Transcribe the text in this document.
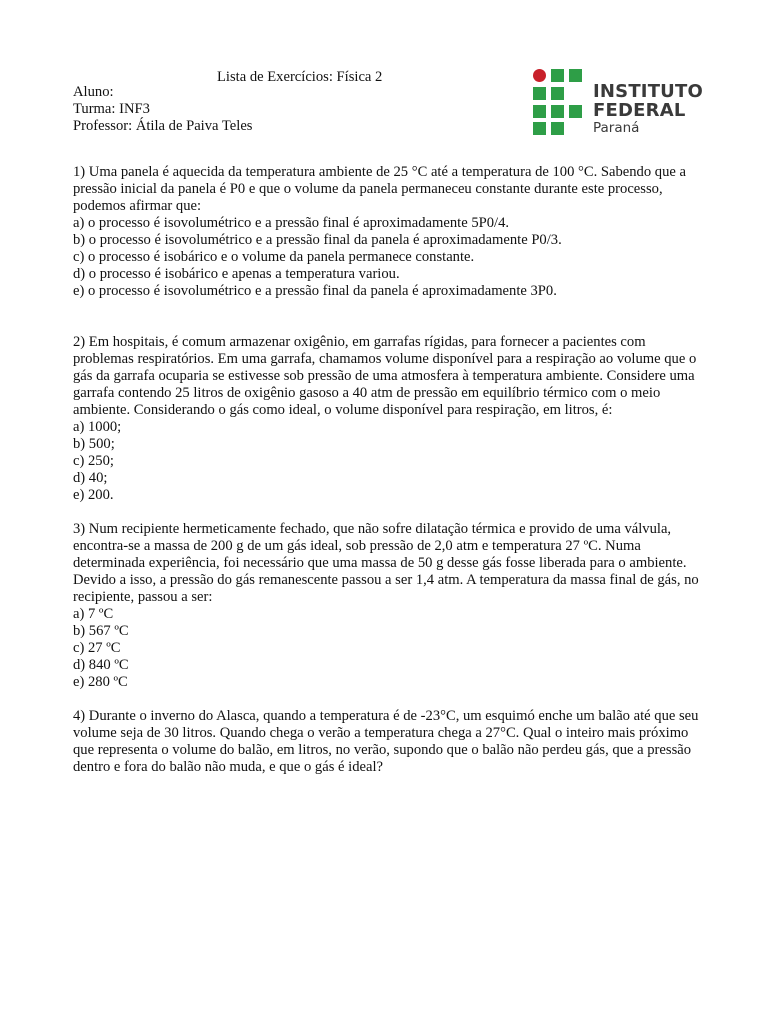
Lista de Exercícios: Física 2
Aluno:
Turma: INF3
Professor: Átila de Paiva Teles
INSTITUTO
FEDERAL
Paraná
1) Uma panela é aquecida da temperatura ambiente de 25 °C até a temperatura de 100 °C. Sabendo que a pressão inicial da panela é P0 e que o volume da panela permaneceu constante durante este processo, podemos afirmar que:
a) o processo é isovolumétrico e a pressão final é aproximadamente 5P0/4.
b) o processo é isovolumétrico e a pressão final da panela é aproximadamente P0/3.
c) o processo é isobárico e o volume da panela permanece constante.
d) o processo é isobárico e apenas a temperatura variou.
e) o processo é isovolumétrico e a pressão final da panela é aproximadamente 3P0.
2) Em hospitais, é comum armazenar oxigênio, em garrafas rígidas, para fornecer a pacientes com problemas respiratórios. Em uma garrafa, chamamos volume disponível para a respiração ao volume que o gás da garrafa ocuparia se estivesse sob pressão de uma atmosfera à temperatura ambiente. Considere uma garrafa contendo 25 litros de oxigênio gasoso a 40 atm de pressão em equilíbrio térmico com o meio ambiente. Considerando o gás como ideal, o volume disponível para respiração, em litros, é:
a) 1000;
b) 500;
c) 250;
d) 40;
e) 200.
3) Num recipiente hermeticamente fechado, que não sofre dilatação térmica e provido de uma válvula, encontra-se a massa de 200 g de um gás ideal, sob pressão de 2,0 atm e temperatura 27 ºC. Numa determinada experiência, foi necessário que uma massa de 50 g desse gás fosse liberada para o ambiente. Devido a isso, a pressão do gás remanescente passou a ser 1,4 atm. A temperatura da massa final de gás, no recipiente, passou a ser:
a) 7 ºC
b) 567 ºC
c) 27 ºC
d) 840 ºC
e) 280 ºC
4) Durante o inverno do Alasca, quando a temperatura é de -23°C, um esquimó enche um balão até que seu volume seja de 30 litros. Quando chega o verão a temperatura chega a 27°C. Qual o inteiro mais próximo que representa o volume do balão, em litros, no verão, supondo que o balão não perdeu gás, que a pressão dentro e fora do balão não muda, e que o gás é ideal?
